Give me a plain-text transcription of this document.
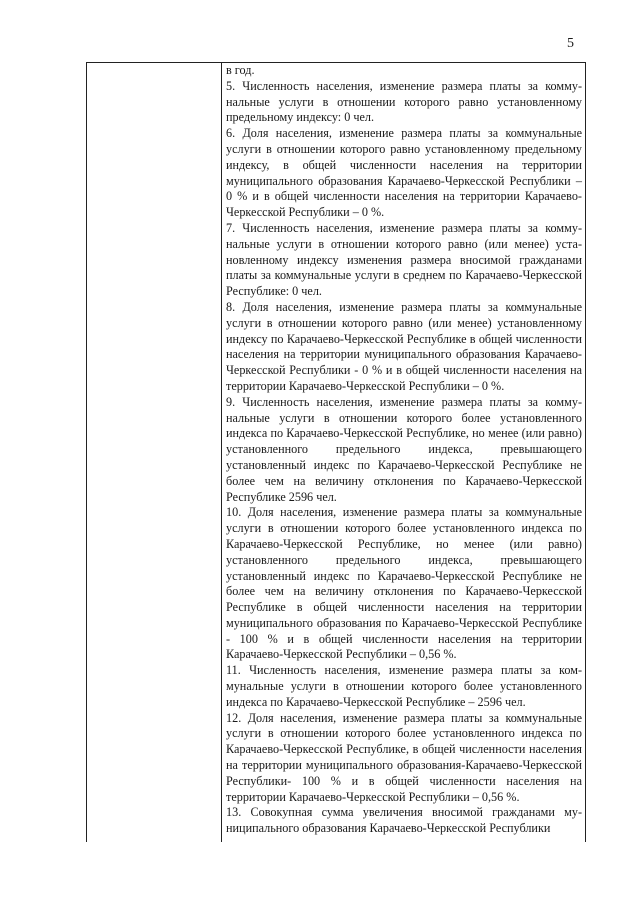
5

в год.

5. Численность населения, изменение размера платы за коммунальные услуги в отношении которого равно установленному предельному индексу: 0 чел.

6. Доля населения, изменение размера платы за коммунальные услуги в отношении которого равно установленному предельному индексу, в общей численности населения на территории муниципального образования Карачаево-Черкесской Республики – 0 % и в общей численности населения на территории Карачаево-Черкесской Республики – 0 %.

7. Численность населения, изменение размера платы за коммунальные услуги в отношении которого равно (или менее) установленному индексу изменения размера вносимой гражданами платы за коммунальные услуги в среднем по Карачаево-Черкесской Республике: 0 чел.

8. Доля населения, изменение размера платы за коммунальные услуги в отношении которого равно (или менее) установленному индексу по Карачаево-Черкесской Республике в общей численности населения на территории муниципального образования Карачаево-Черкесской Республики - 0 % и в общей численности населения на территории Карачаево-Черкесской Республики – 0 %.

9. Численность населения, изменение размера платы за коммунальные услуги в отношении которого более установленного индекса по Карачаево-Черкесской Республике, но менее (или равно) установленного предельного индекса, превышающего установленный индекс по Карачаево-Черкесской Республике не более чем на величину отклонения по Карачаево-Черкесской Республике 2596 чел.

10. Доля населения, изменение размера платы за коммунальные услуги в отношении которого более установленного индекса по Карачаево-Черкесской Республике, но менее (или равно) установленного предельного индекса, превышающего установленный индекс по Карачаево-Черкесской Республике не более чем на величину отклонения по Карачаево-Черкесской Республике в общей численности населения на территории муниципального образования по Карачаево-Черкесской Республике - 100 % и в общей численности населения на территории Карачаево-Черкесской Республики – 0,56 %.

11. Численность населения, изменение размера платы за коммунальные услуги в отношении которого более установленного индекса по Карачаево-Черкесской Республике – 2596 чел.

12. Доля населения, изменение размера платы за коммунальные услуги в отношении которого более установленного индекса по Карачаево-Черкесской Республике, в общей численности населения на территории муниципального образования-Карачаево-Черкесской Республики- 100 % и в общей численности населения на территории Карачаево-Черкесской Республики – 0,56 %.

13. Совокупная сумма увеличения вносимой гражданами муниципального образования Карачаево-Черкесской Республики
